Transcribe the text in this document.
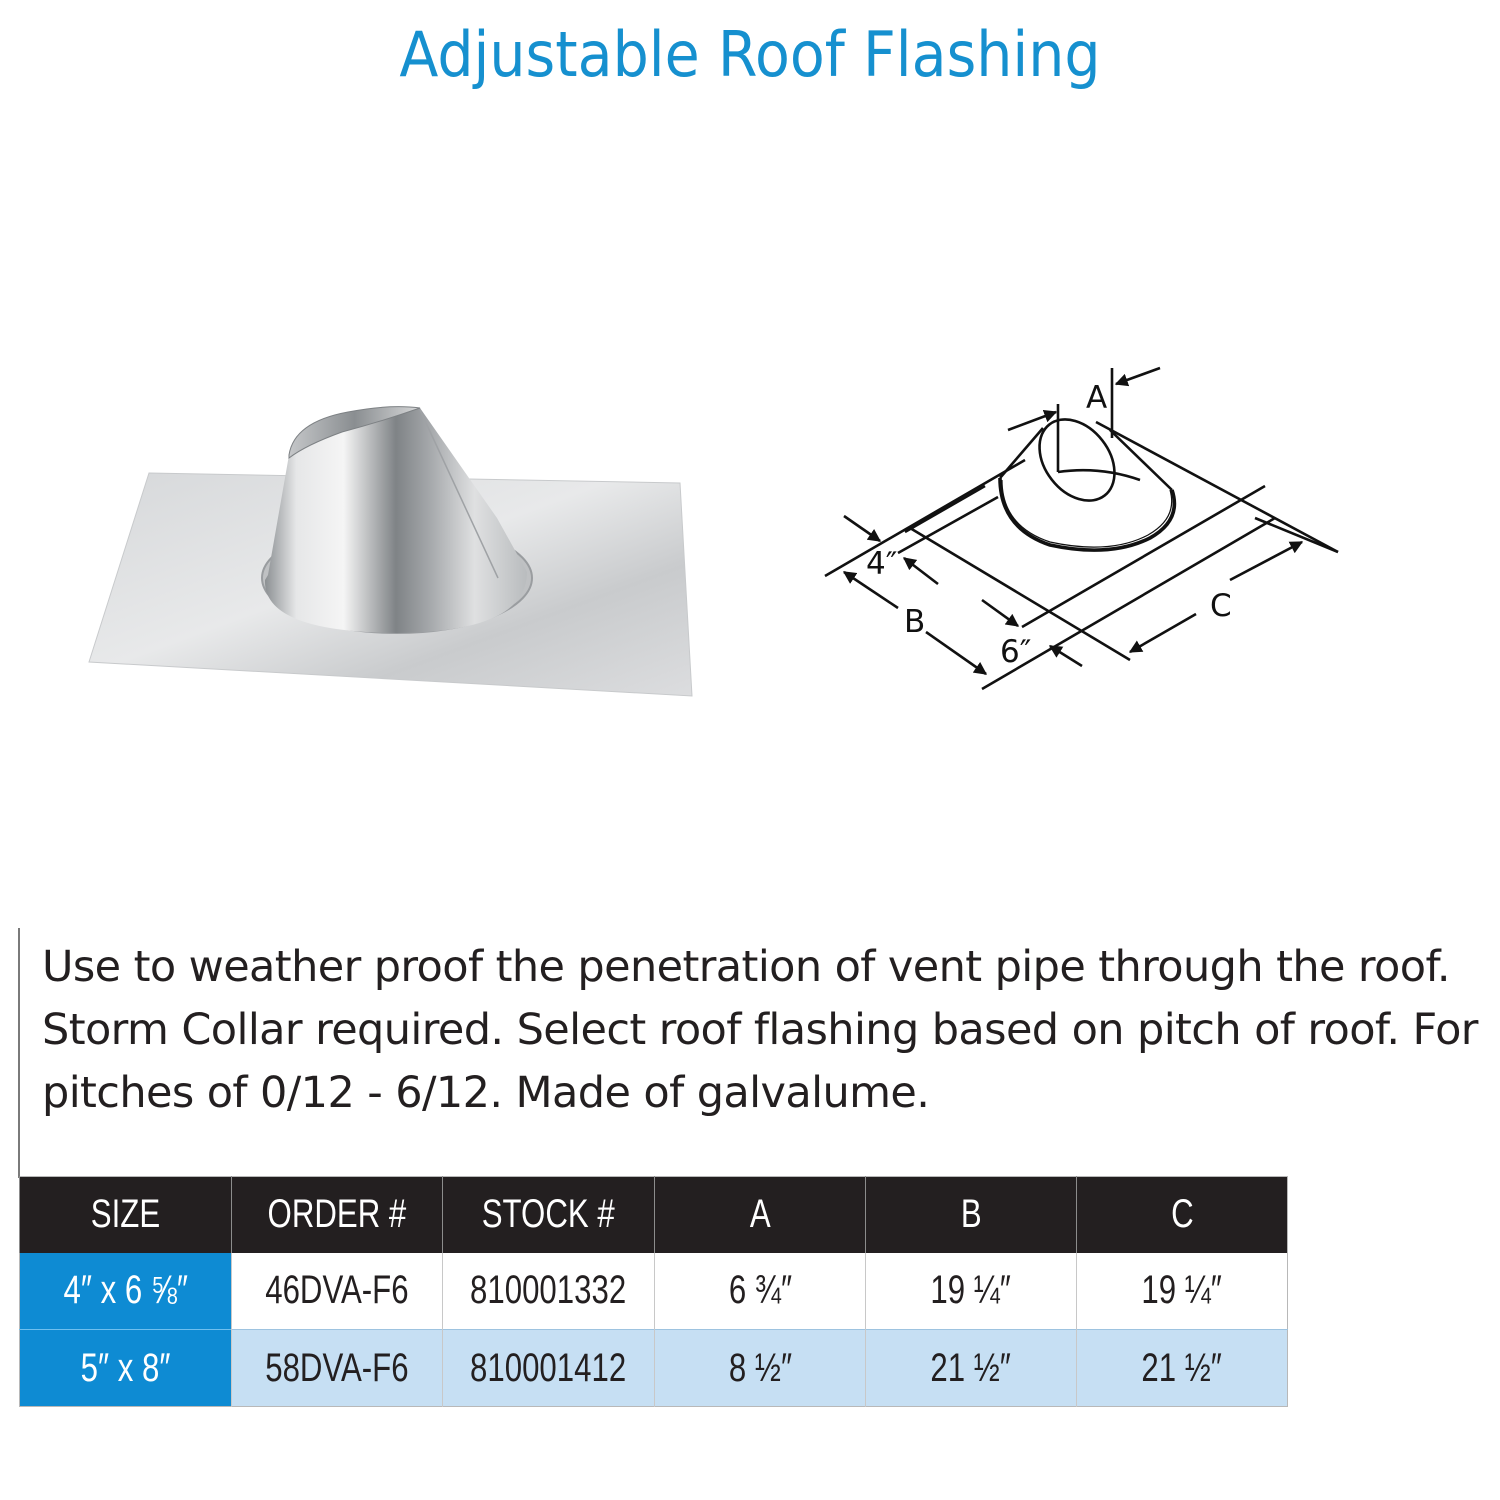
Adjustable Roof Flashing
A
4″
B
6″
C

Use to weather proof the penetration of vent pipe through the roof. Storm Collar required. Select roof flashing based on pitch of roof. For pitches of 0/12 - 6/12. Made of galvalume.

SIZE	ORDER #	STOCK #	A	B	C
4″ x 6 ⅝″	46DVA-F6	810001332	6 ¾″	19 ¼″	19 ¼″
5″ x 8″	58DVA-F6	810001412	8 ½″	21 ½″	21 ½″
